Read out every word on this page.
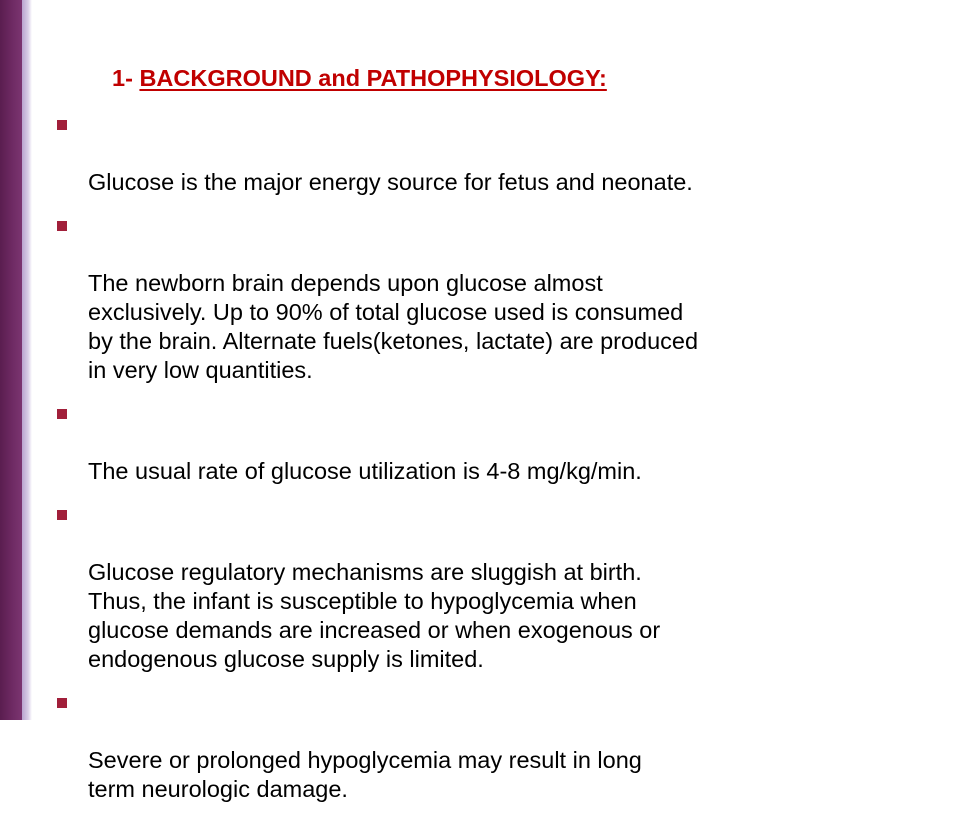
1- BACKGROUND and PATHOPHYSIOLOGY:

Glucose is the major energy source for fetus and neonate.

The newborn brain depends upon glucose almost
exclusively. Up to 90% of total glucose used is consumed
by the brain. Alternate fuels(ketones, lactate) are produced
in very low quantities.

The usual rate of glucose utilization is 4-8 mg/kg/min.

Glucose regulatory mechanisms are sluggish at birth.
Thus, the infant is susceptible to hypoglycemia when
glucose demands are increased or when exogenous or
endogenous glucose supply is limited.

Severe or prolonged hypoglycemia may result in long
term neurologic damage.
